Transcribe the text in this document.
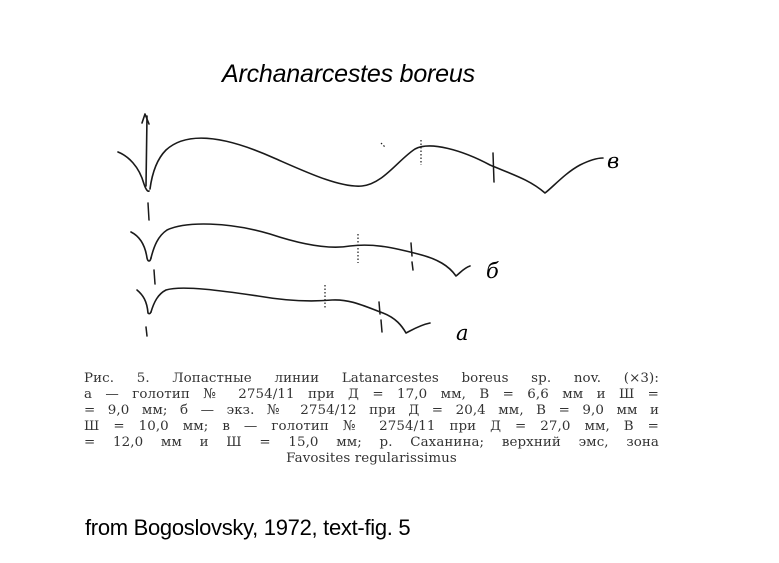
Archanarcestes boreus
в
б
а
Рис. 5. Лопастные линии Latanarcestes boreus sp. nov. (×3):
а — голотип № 2754/11 при Д = 17,0 мм, В = 6,6 мм и Ш =
= 9,0 мм; б — экз. № 2754/12 при Д = 20,4 мм, В = 9,0 мм и
Ш = 10,0 мм; в — голотип № 2754/11 при Д = 27,0 мм, В =
= 12,0 мм и Ш = 15,0 мм; р. Саханина; верхний эмс, зона
Favosites regularissimus
from Bogoslovsky, 1972, text-fig. 5
